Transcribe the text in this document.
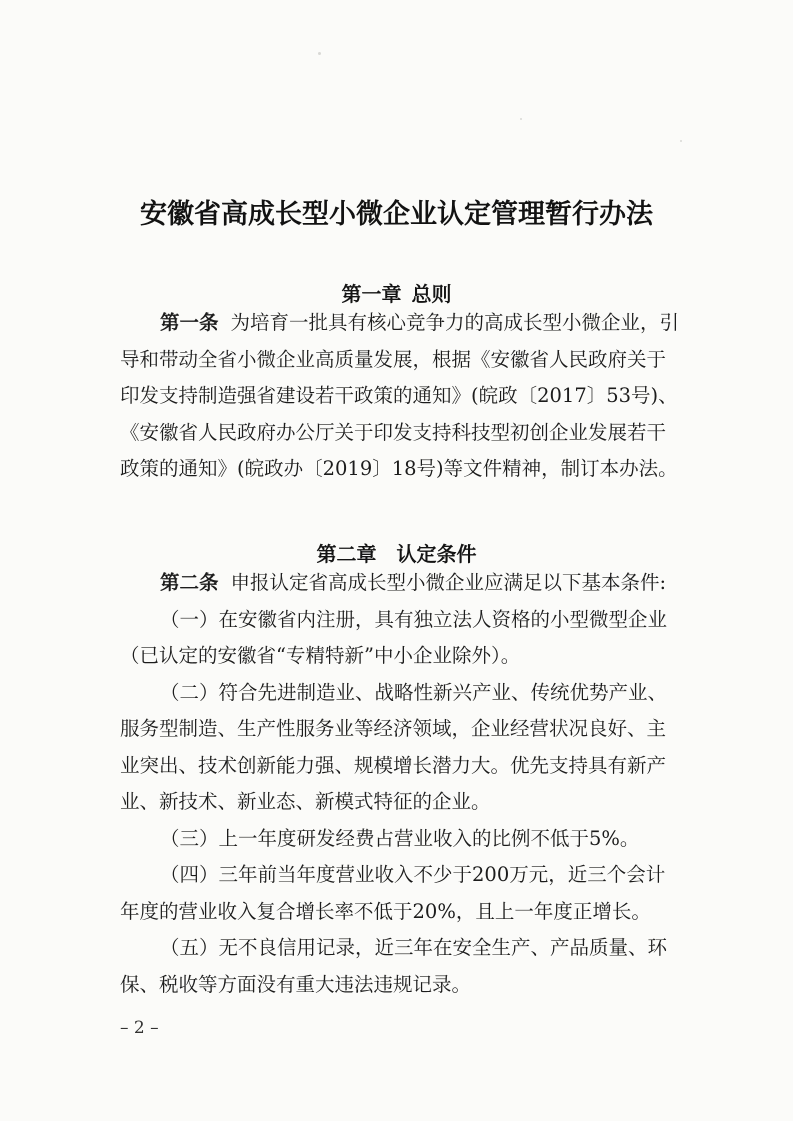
安徽省高成长型小微企业认定管理暂行办法
第一章 总则
第一条 为培育一批具有核心竞争力的高成长型小微企业，引
导和带动全省小微企业高质量发展，根据《安徽省人民政府关于
印发支持制造强省建设若干政策的通知》(皖政〔2017〕53号)、
《安徽省人民政府办公厅关于印发支持科技型初创企业发展若干
政策的通知》(皖政办〔2019〕18号)等文件精神，制订本办法。
第二章 认定条件
第二条 申报认定省高成长型小微企业应满足以下基本条件:
（一）在安徽省内注册，具有独立法人资格的小型微型企业
（已认定的安徽省“专精特新”中小企业除外）。
（二）符合先进制造业、战略性新兴产业、传统优势产业、
服务型制造、生产性服务业等经济领域，企业经营状况良好、主
业突出、技术创新能力强、规模增长潜力大。优先支持具有新产
业、新技术、新业态、新模式特征的企业。
（三）上一年度研发经费占营业收入的比例不低于5%。
（四）三年前当年度营业收入不少于200万元，近三个会计
年度的营业收入复合增长率不低于20%，且上一年度正增长。
（五）无不良信用记录，近三年在安全生产、产品质量、环
保、税收等方面没有重大违法违规记录。
– 2 –
